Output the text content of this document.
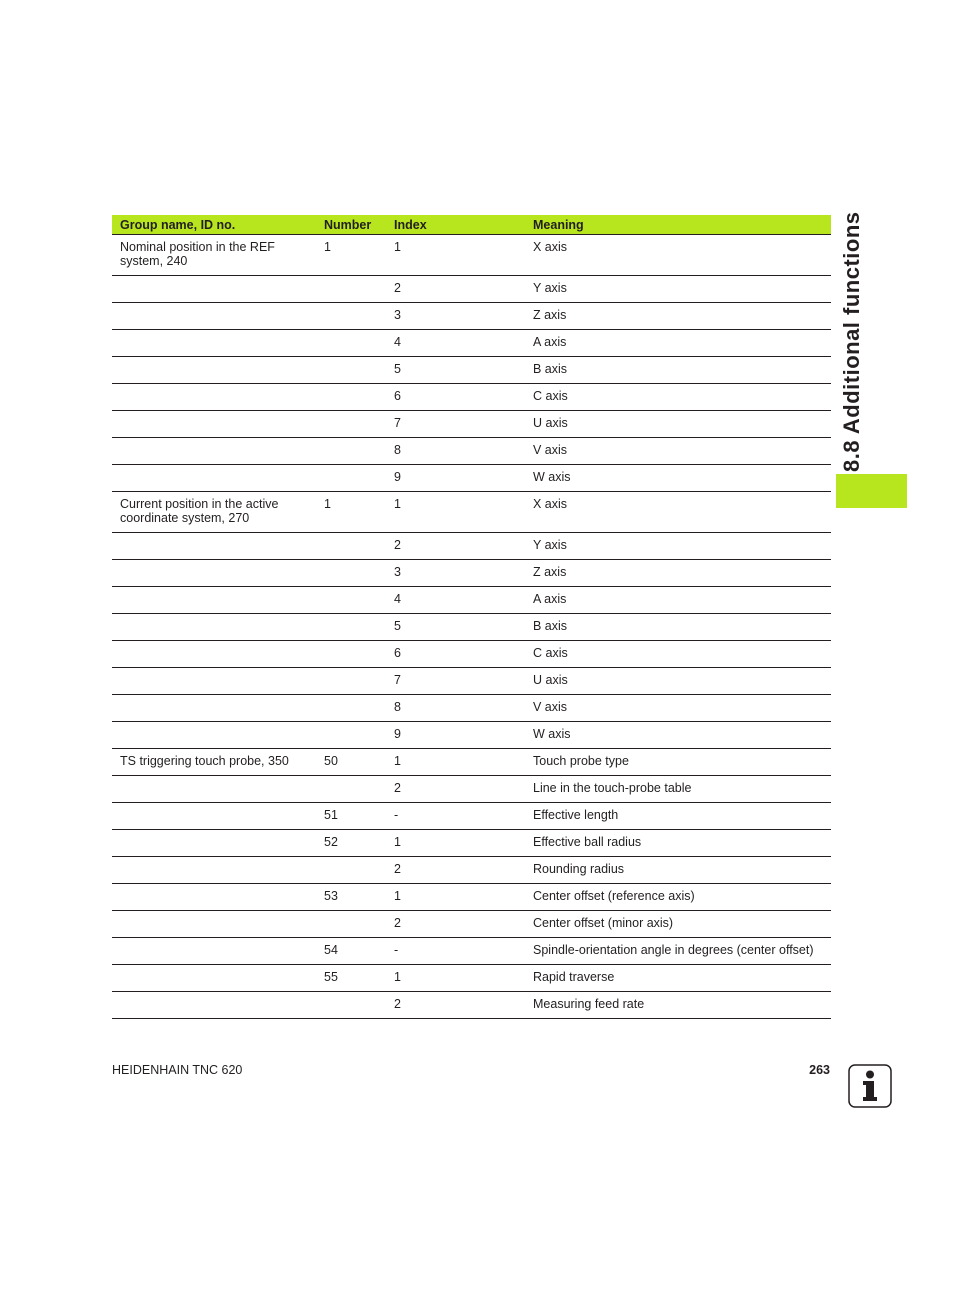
Group name, ID no.	Number	Index	Meaning
Nominal position in the REF system, 240	1	1	X axis
		2	Y axis
		3	Z axis
		4	A axis
		5	B axis
		6	C axis
		7	U axis
		8	V axis
		9	W axis
Current position in the active coordinate system, 270	1	1	X axis
		2	Y axis
		3	Z axis
		4	A axis
		5	B axis
		6	C axis
		7	U axis
		8	V axis
		9	W axis
TS triggering touch probe, 350	50	1	Touch probe type
		2	Line in the touch-probe table
	51	-	Effective length
	52	1	Effective ball radius
		2	Rounding radius
	53	1	Center offset (reference axis)
		2	Center offset (minor axis)
	54	-	Spindle-orientation angle in degrees (center offset)
	55	1	Rapid traverse
		2	Measuring feed rate
8.8 Additional functions
HEIDENHAIN TNC 620	263
